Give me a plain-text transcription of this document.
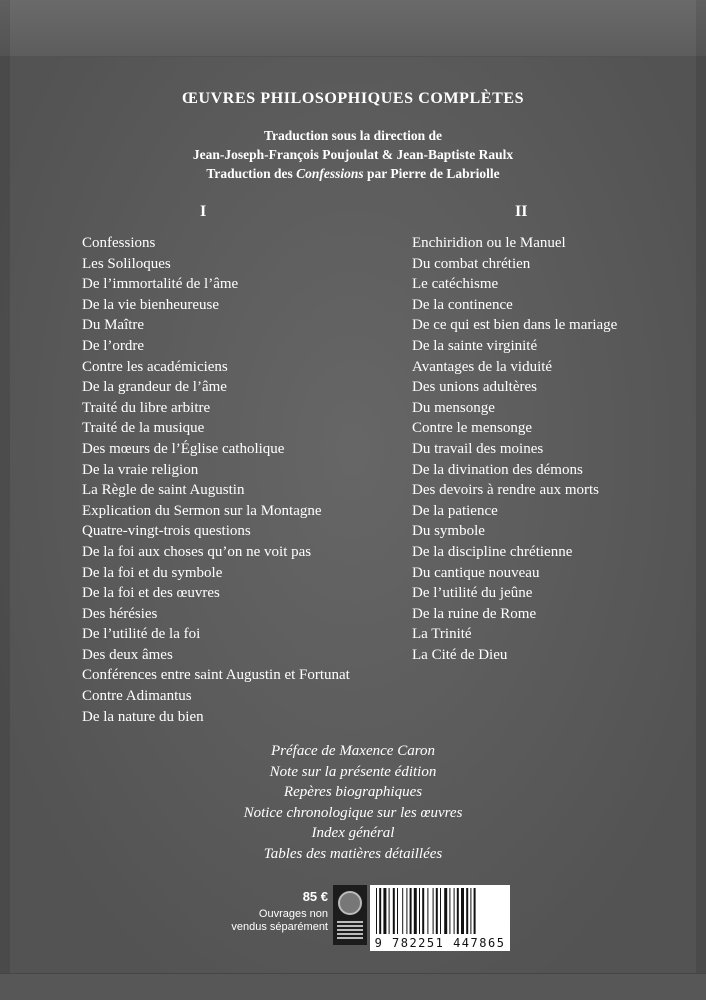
ŒUVRES PHILOSOPHIQUES COMPLÈTES
Traduction sous la direction de
Jean-Joseph-François Poujoulat & Jean-Baptiste Raulx
Traduction des Confessions par Pierre de Labriolle
I	II
Confessions
Les Soliloques
De l’immortalité de l’âme
De la vie bienheureuse
Du Maître
De l’ordre
Contre les académiciens
De la grandeur de l’âme
Traité du libre arbitre
Traité de la musique
Des mœurs de l’Église catholique
De la vraie religion
La Règle de saint Augustin
Explication du Sermon sur la Montagne
Quatre-vingt-trois questions
De la foi aux choses qu’on ne voit pas
De la foi et du symbole
De la foi et des œuvres
Des hérésies
De l’utilité de la foi
Des deux âmes
Conférences entre saint Augustin et Fortunat
Contre Adimantus
De la nature du bien
Enchiridion ou le Manuel
Du combat chrétien
Le catéchisme
De la continence
De ce qui est bien dans le mariage
De la sainte virginité
Avantages de la viduité
Des unions adultères
Du mensonge
Contre le mensonge
Du travail des moines
De la divination des démons
Des devoirs à rendre aux morts
De la patience
Du symbole
De la discipline chrétienne
Du cantique nouveau
De l’utilité du jeûne
De la ruine de Rome
La Trinité
La Cité de Dieu
Préface de Maxence Caron
Note sur la présente édition
Repères biographiques
Notice chronologique sur les œuvres
Index général
Tables des matières détaillées
85 €
Ouvrages non
vendus séparément
9 782251 447865
